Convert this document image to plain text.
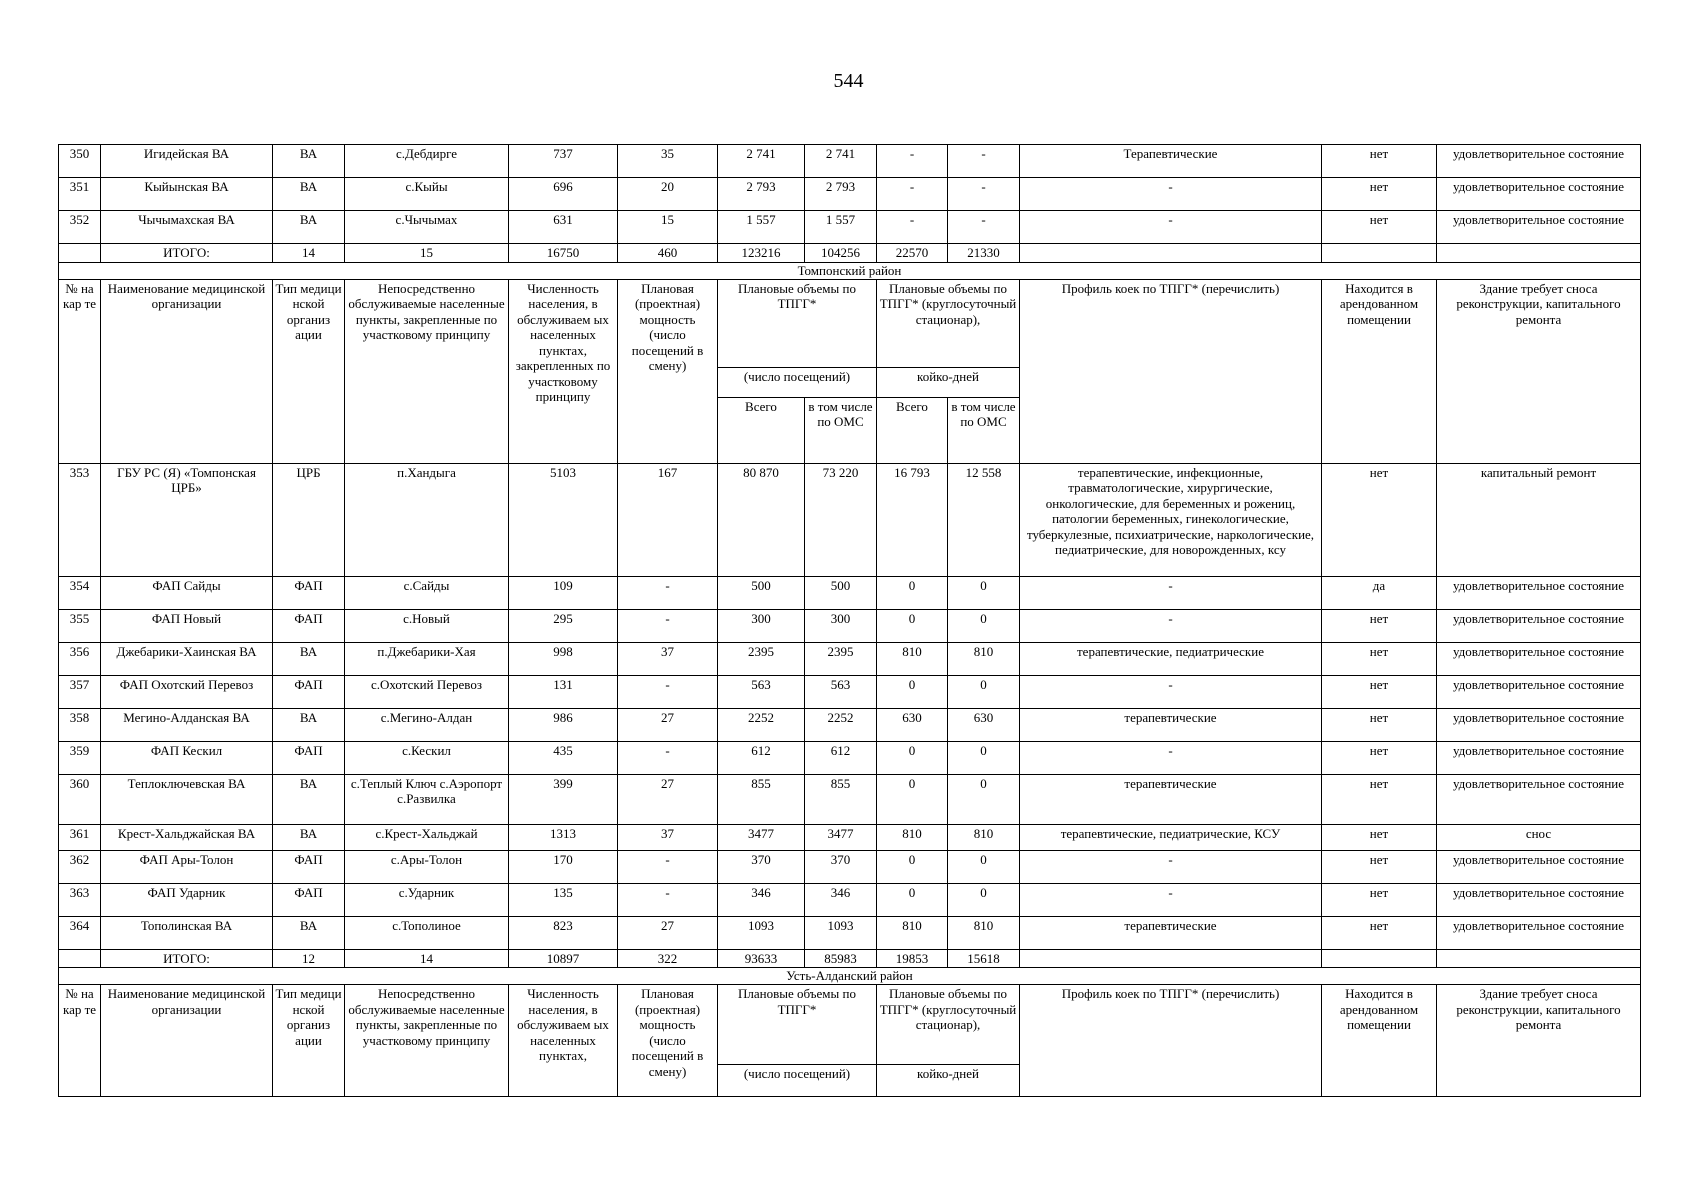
544
350	Игидейская ВА	ВА	с.Дебдирге	737	35	2 741	2 741	-	-	Терапевтические	нет	удовлетворительное состояние
351	Кыйынская ВА	ВА	с.Кыйы	696	20	2 793	2 793	-	-	-	нет	удовлетворительное состояние
352	Чычымахская ВА	ВА	с.Чычымах	631	15	1 557	1 557	-	-	-	нет	удовлетворительное состояние
	ИТОГО:	14	15	16750	460	123216	104256	22570	21330			
Томпонский район												
№ на кар те	Наименование медицинской организации	Тип медици нской организ ации	Непосредственно обслуживаемые населенные пункты, закрепленные по участковому принципу	Численность населения, в обслуживаем ых населенных пунктах, закрепленных по участковому принципу	Плановая (проектная) мощность (число посещений в смену)	Плановые объемы по ТПГГ*		Плановые объемы по ТПГГ* (круглосуточный стационар),		Профиль коек по ТПГГ* (перечислить)	Находится в арендованном помещении	Здание требует сноса реконструкции, капитального ремонта
						(число посещений)		койко-дней				
						Всего	в том числе по ОМС	Всего	в том числе по ОМС			
353	ГБУ РС (Я) «Томпонская ЦРБ»	ЦРБ	п.Хандыга	5103	167	80 870	73 220	16 793	12 558	терапевтические, инфекционные, травматологические, хирургические, онкологические, для беременных и рожениц, патологии беременных, гинекологические, туберкулезные, психиатрические, наркологические, педиатрические, для новорожденных, ксу	нет	капитальный ремонт
354	ФАП Сайды	ФАП	с.Сайды	109	-	500	500	0	0	-	да	удовлетворительное состояние
355	ФАП Новый	ФАП	с.Новый	295	-	300	300	0	0	-	нет	удовлетворительное состояние
356	Джебарики-Хаинская ВА	ВА	п.Джебарики-Хая	998	37	2395	2395	810	810	терапевтические, педиатрические	нет	удовлетворительное состояние
357	ФАП Охотский Перевоз	ФАП	с.Охотский Перевоз	131	-	563	563	0	0	-	нет	удовлетворительное состояние
358	Мегино-Алданская ВА	ВА	с.Мегино-Алдан	986	27	2252	2252	630	630	терапевтические	нет	удовлетворительное состояние
359	ФАП Кескил	ФАП	с.Кескил	435	-	612	612	0	0	-	нет	удовлетворительное состояние
360	Теплоключевская ВА	ВА	с.Теплый Ключ с.Аэропорт с.Развилка	399	27	855	855	0	0	терапевтические	нет	удовлетворительное состояние
361	Крест-Хальджайская ВА	ВА	с.Крест-Хальджай	1313	37	3477	3477	810	810	терапевтические, педиатрические, КСУ	нет	снос
362	ФАП Ары-Толон	ФАП	с.Ары-Толон	170	-	370	370	0	0	-	нет	удовлетворительное состояние
363	ФАП Ударник	ФАП	с.Ударник	135	-	346	346	0	0	-	нет	удовлетворительное состояние
364	Тополинская ВА	ВА	с.Тополиное	823	27	1093	1093	810	810	терапевтические	нет	удовлетворительное состояние
	ИТОГО:	12	14	10897	322	93633	85983	19853	15618			
Усть-Алданский район												
№ на кар те	Наименование медицинской организации	Тип медици нской организ ации	Непосредственно обслуживаемые населенные пункты, закрепленные по участковому принципу	Численность населения, в обслуживаем ых населенных пунктах,	Плановая (проектная) мощность (число посещений в смену)	Плановые объемы по ТПГГ*		Плановые объемы по ТПГГ* (круглосуточный стационар),		Профиль коек по ТПГГ* (перечислить)	Находится в арендованном помещении	Здание требует сноса реконструкции, капитального ремонта
						(число посещений)		койко-дней				
